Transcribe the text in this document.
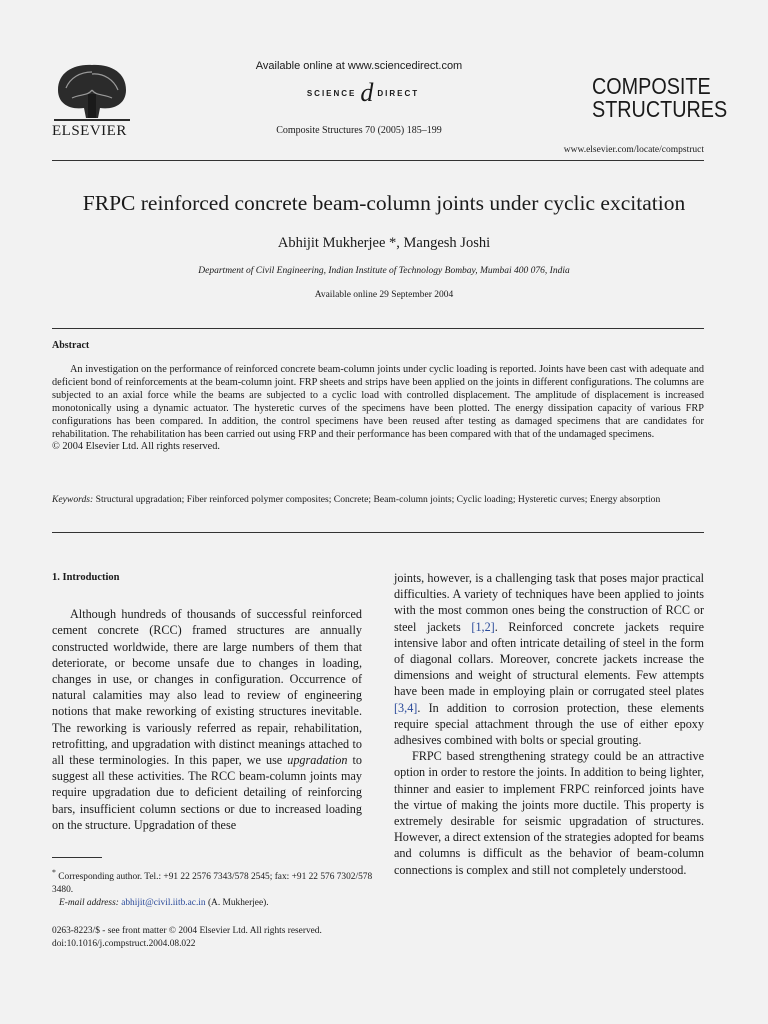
ELSEVIER
Available online at www.sciencedirect.com
SCIENCE d DIRECT
Composite Structures 70 (2005) 185–199
COMPOSITE
STRUCTURES
www.elsevier.com/locate/compstruct
FRPC reinforced concrete beam-column joints under cyclic excitation
Abhijit Mukherjee *, Mangesh Joshi
Department of Civil Engineering, Indian Institute of Technology Bombay, Mumbai 400 076, India
Available online 29 September 2004
Abstract

An investigation on the performance of reinforced concrete beam-column joints under cyclic loading is reported. Joints have been cast with adequate and deficient bond of reinforcements at the beam-column joint. FRP sheets and strips have been applied on the joints in different configurations. The columns are subjected to an axial force while the beams are subjected to a cyclic load with controlled displacement. The amplitude of displacement is increased monotonically using a dynamic actuator. The hysteretic curves of the specimens have been plotted. The energy dissipation capacity of various FRP configurations has been compared. In addition, the control specimens have been reused after testing as damaged specimens that are candidates for rehabilitation. The rehabilitation has been carried out using FRP and their performance has been compared with that of the undamaged specimens.

© 2004 Elsevier Ltd. All rights reserved.
Keywords: Structural upgradation; Fiber reinforced polymer composites; Concrete; Beam-column joints; Cyclic loading; Hysteretic curves; Energy absorption

1. Introduction

Although hundreds of thousands of successful reinforced cement concrete (RCC) framed structures are annually constructed worldwide, there are large numbers of them that deteriorate, or become unsafe due to changes in loading, changes in use, or changes in configuration. Occurrence of natural calamities may also lead to review of engineering notions that make reworking of existing structures inevitable. The reworking is variously referred as repair, rehabilitation, retrofitting, and upgradation with distinct meanings attached to all these terminologies. In this paper, we use upgradation to suggest all these activities. The RCC beam-column joints may require upgradation due to deficient detailing of reinforcing bars, insufficient column sections or due to increased loading on the structure. Upgradation of these

joints, however, is a challenging task that poses major practical difficulties. A variety of techniques have been applied to joints with the most common ones being the construction of RCC or steel jackets [1,2]. Reinforced concrete jackets require intensive labor and often intricate detailing of steel in the form of diagonal collars. Moreover, concrete jackets increase the dimensions and weight of structural elements. Few attempts have been made in employing plain or corrugated steel plates [3,4]. In addition to corrosion protection, these elements require special attachment through the use of either epoxy adhesives combined with bolts or special grouting.

FRPC based strengthening strategy could be an attractive option in order to restore the joints. In addition to being lighter, thinner and easier to implement FRPC reinforced joints have the virtue of making the joints more ductile. This property is extremely desirable for seismic upgradation of structures. However, a direct extension of the strategies adopted for beams and columns is difficult as the behavior of beam-column connections is complex and still not completely understood.

* Corresponding author. Tel.: +91 22 2576 7343/578 2545; fax: +91 22 576 7302/578 3480.
E-mail address: abhijit@civil.iitb.ac.in (A. Mukherjee).
0263-8223/$ - see front matter © 2004 Elsevier Ltd. All rights reserved.
doi:10.1016/j.compstruct.2004.08.022
